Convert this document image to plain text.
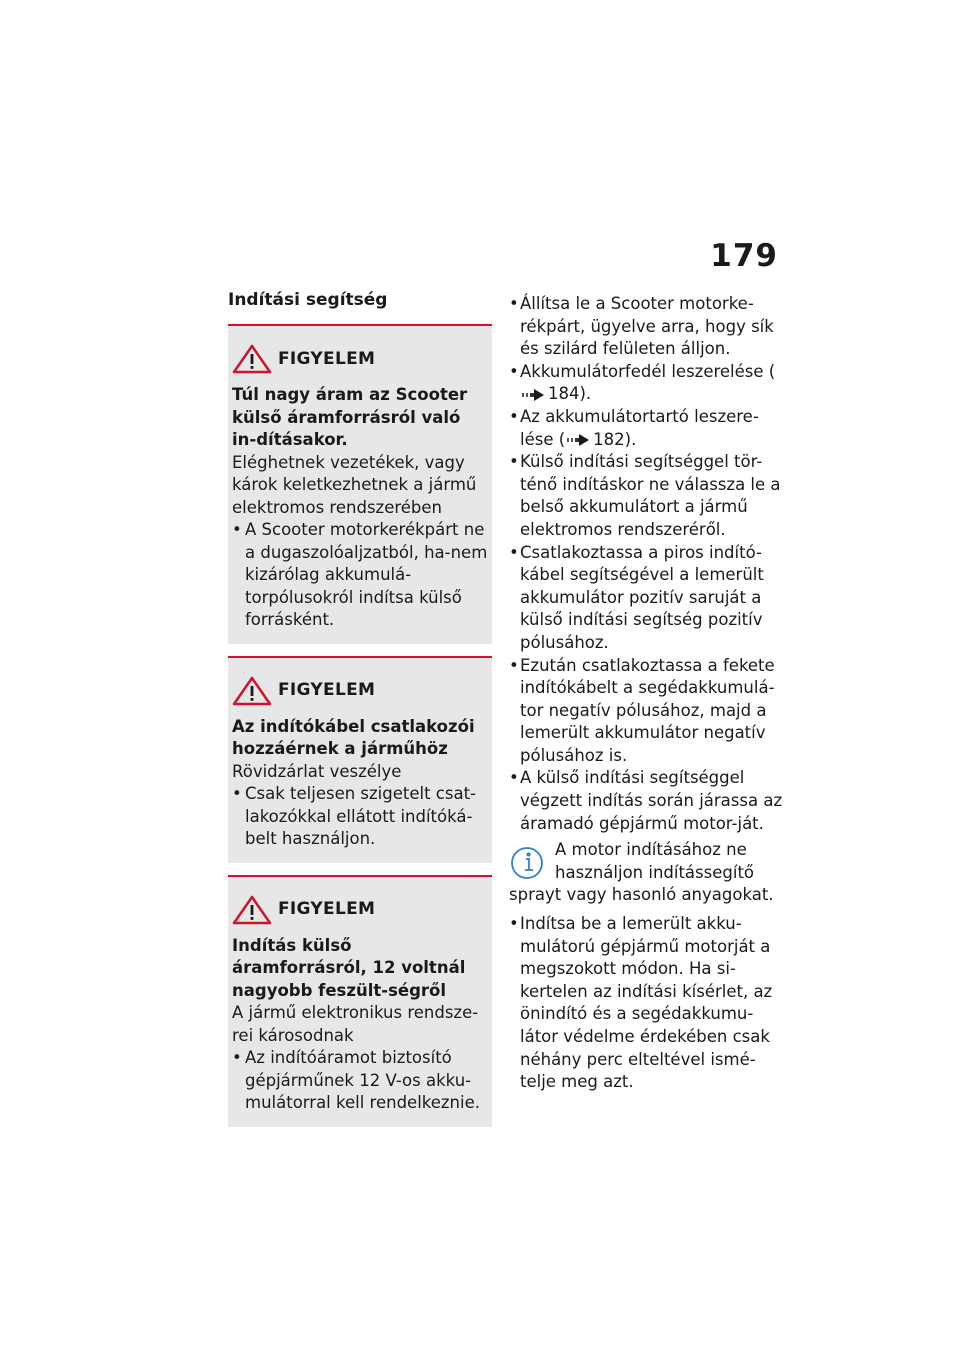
179
Indítási segítség
FIGYELEM
Túl nagy áram az Scooter külső áramforrásról való in-dításakor.
Eléghetnek vezetékek, vagy károk keletkezhetnek a jármű elektromos rendszerében
• A Scooter motorkerékpárt ne a dugaszolóaljzatból, ha-nem kizárólag akkumulá-torpólusokról indítsa külső forrásként.
FIGYELEM
Az indítókábel csatlakozói hozzáérnek a járműhöz
Rövidzárlat veszélye
• Csak teljesen szigetelt csat-lakozókkal ellátott indítóká-belt használjon.
FIGYELEM
Indítás külső áramforrásról, 12 voltnál nagyobb feszült-ségről
A jármű elektronikus rendsze-rei károsodnak
• Az indítóáramot biztosító gépjárműnek 12 V-os akku-mulátorral kell rendelkeznie.
• Állítsa le a Scooter motorke-rékpárt, ügyelve arra, hogy sík és szilárd felületen álljon.
• Akkumulátorfedél leszerelése (184).
• Az akkumulátortartó leszere-lése ( 182).
• Külső indítási segítséggel tör-ténő indításkor ne válassza le a belső akkumulátort a jármű elektromos rendszeréről.
• Csatlakoztassa a piros indító-kábel segítségével a lemerült akkumulátor pozitív saruját a külső indítási segítség pozitív pólusához.
• Ezután csatlakoztassa a fekete indítókábelt a segédakkumulá-tor negatív pólusához, majd a lemerült akkumulátor negatív pólusához is.
• A külső indítási segítséggel végzett indítás során járassa az áramadó gépjármű motor-ját.
A motor indításához ne használjon indítássegítő sprayt vagy hasonló anyagokat.
• Indítsa be a lemerült akku-mulátorú gépjármű motorját a megszokott módon. Ha si-kertelen az indítási kísérlet, az önindító és a segédakkumu-látor védelme érdekében csak néhány perc elteltével ismé-telje meg azt.
